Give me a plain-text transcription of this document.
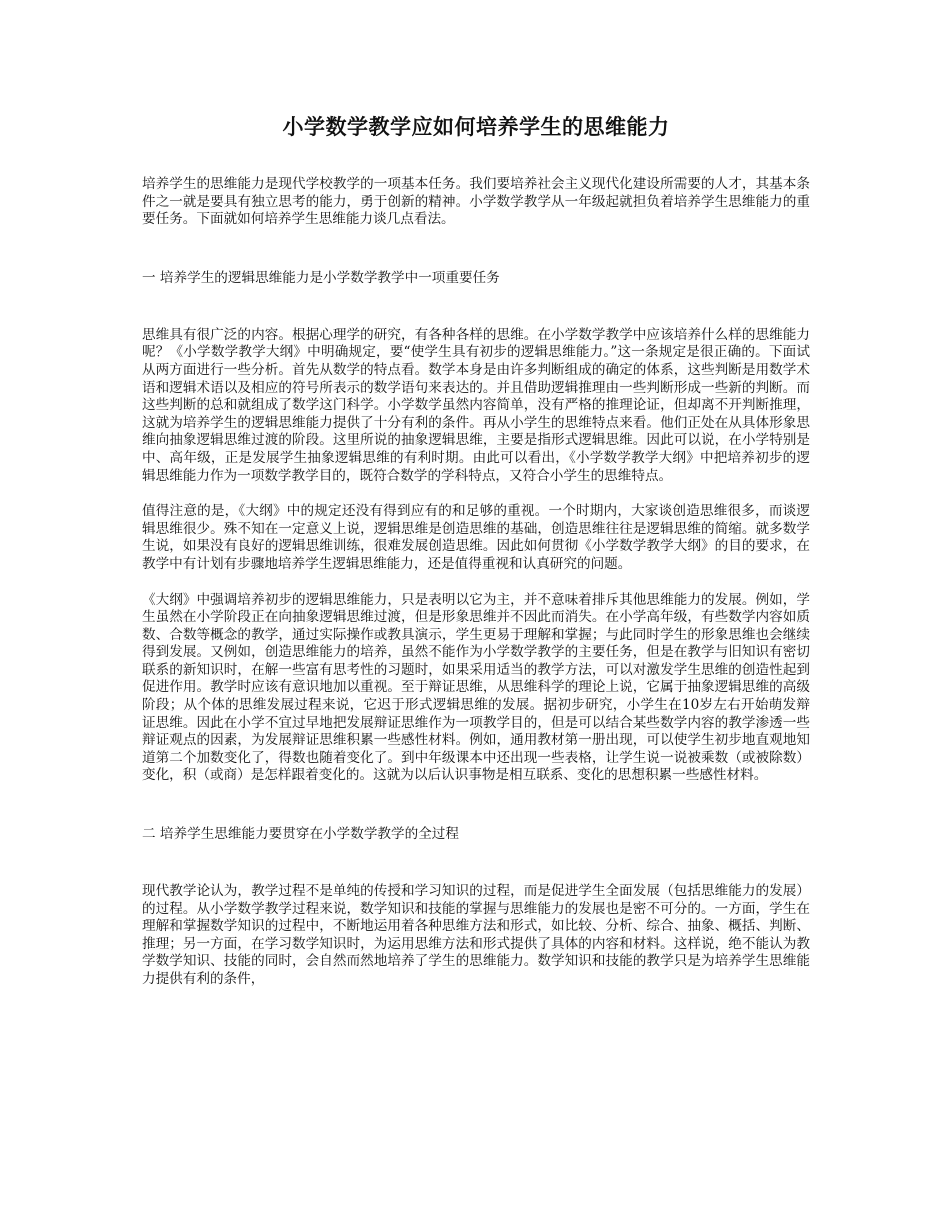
小学数学教学应如何培养学生的思维能力

培养学生的思维能力是现代学校教学的一项基本任务。我们要培养社会主义现代化建设所需要的人才，其基本条件之一就是要具有独立思考的能力，勇于创新的精神。小学数学教学从一年级起就担负着培养学生思维能力的重要任务。下面就如何培养学生思维能力谈几点看法。

一 培养学生的逻辑思维能力是小学数学教学中一项重要任务

思维具有很广泛的内容。根据心理学的研究，有各种各样的思维。在小学数学教学中应该培养什么样的思维能力呢？《小学数学教学大纲》中明确规定，要“使学生具有初步的逻辑思维能力。”这一条规定是很正确的。下面试从两方面进行一些分析。首先从数学的特点看。数学本身是由许多判断组成的确定的体系，这些判断是用数学术语和逻辑术语以及相应的符号所表示的数学语句来表达的。并且借助逻辑推理由一些判断形成一些新的判断。而这些判断的总和就组成了数学这门科学。小学数学虽然内容简单，没有严格的推理论证，但却离不开判断推理，这就为培养学生的逻辑思维能力提供了十分有利的条件。再从小学生的思维特点来看。他们正处在从具体形象思维向抽象逻辑思维过渡的阶段。这里所说的抽象逻辑思维，主要是指形式逻辑思维。因此可以说，在小学特别是中、高年级，正是发展学生抽象逻辑思维的有利时期。由此可以看出，《小学数学教学大纲》中把培养初步的逻辑思维能力作为一项数学教学目的，既符合数学的学科特点，又符合小学生的思维特点。

值得注意的是，《大纲》中的规定还没有得到应有的和足够的重视。一个时期内，大家谈创造思维很多，而谈逻辑思维很少。殊不知在一定意义上说，逻辑思维是创造思维的基础，创造思维往往是逻辑思维的简缩。就多数学生说，如果没有良好的逻辑思维训练，很难发展创造思维。因此如何贯彻《小学数学教学大纲》的目的要求，在教学中有计划有步骤地培养学生逻辑思维能力，还是值得重视和认真研究的问题。

《大纲》中强调培养初步的逻辑思维能力，只是表明以它为主，并不意味着排斥其他思维能力的发展。例如，学生虽然在小学阶段正在向抽象逻辑思维过渡，但是形象思维并不因此而消失。在小学高年级，有些数学内容如质数、合数等概念的教学，通过实际操作或教具演示，学生更易于理解和掌握；与此同时学生的形象思维也会继续得到发展。又例如，创造思维能力的培养，虽然不能作为小学数学教学的主要任务，但是在教学与旧知识有密切联系的新知识时，在解一些富有思考性的习题时，如果采用适当的教学方法，可以对激发学生思维的创造性起到促进作用。教学时应该有意识地加以重视。至于辩证思维，从思维科学的理论上说，它属于抽象逻辑思维的高级阶段；从个体的思维发展过程来说，它迟于形式逻辑思维的发展。据初步研究，小学生在10岁左右开始萌发辩证思维。因此在小学不宜过早地把发展辩证思维作为一项教学目的，但是可以结合某些数学内容的教学渗透一些辩证观点的因素，为发展辩证思维积累一些感性材料。例如，通用教材第一册出现，可以使学生初步地直观地知道第二个加数变化了，得数也随着变化了。到中年级课本中还出现一些表格，让学生说一说被乘数（或被除数）变化，积（或商）是怎样跟着变化的。这就为以后认识事物是相互联系、变化的思想积累一些感性材料。

二 培养学生思维能力要贯穿在小学数学教学的全过程

现代教学论认为，教学过程不是单纯的传授和学习知识的过程，而是促进学生全面发展（包括思维能力的发展）的过程。从小学数学教学过程来说，数学知识和技能的掌握与思维能力的发展也是密不可分的。一方面，学生在理解和掌握数学知识的过程中，不断地运用着各种思维方法和形式，如比较、分析、综合、抽象、概括、判断、推理；另一方面，在学习数学知识时，为运用思维方法和形式提供了具体的内容和材料。这样说，绝不能认为教学数学知识、技能的同时，会自然而然地培养了学生的思维能力。数学知识和技能的教学只是为培养学生思维能力提供有利的条件，
